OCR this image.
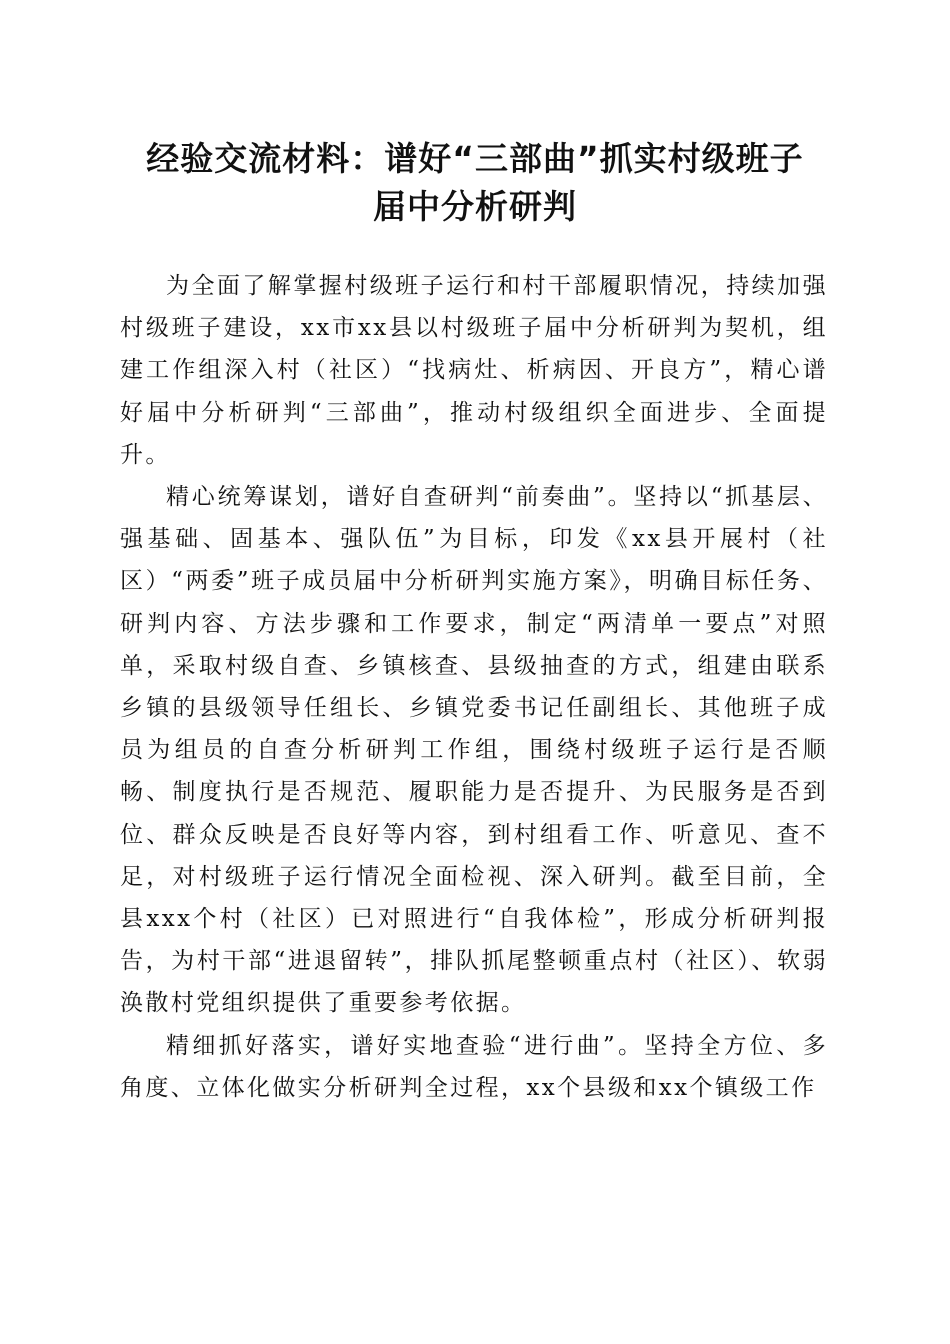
经验交流材料：谱好“三部曲”抓实村级班子
届中分析研判

为全面了解掌握村级班子运行和村干部履职情况，持续加强村级班子建设，xx市xx县以村级班子届中分析研判为契机，组建工作组深入村（社区）“找病灶、析病因、开良方”，精心谱好届中分析研判“三部曲”，推动村级组织全面进步、全面提升。

精心统筹谋划，谱好自查研判“前奏曲”。坚持以“抓基层、强基础、固基本、强队伍”为目标，印发《xx县开展村（社区）“两委”班子成员届中分析研判实施方案》，明确目标任务、研判内容、方法步骤和工作要求，制定“两清单一要点”对照单，采取村级自查、乡镇核查、县级抽查的方式，组建由联系乡镇的县级领导任组长、乡镇党委书记任副组长、其他班子成员为组员的自查分析研判工作组，围绕村级班子运行是否顺畅、制度执行是否规范、履职能力是否提升、为民服务是否到位、群众反映是否良好等内容，到村组看工作、听意见、查不足，对村级班子运行情况全面检视、深入研判。截至目前，全县xxx个村（社区）已对照进行“自我体检”，形成分析研判报告，为村干部“进退留转”，排队抓尾整顿重点村（社区）、软弱涣散村党组织提供了重要参考依据。

精细抓好落实，谱好实地查验“进行曲”。坚持全方位、多角度、立体化做实分析研判全过程，xx个县级和xx个镇级工作
